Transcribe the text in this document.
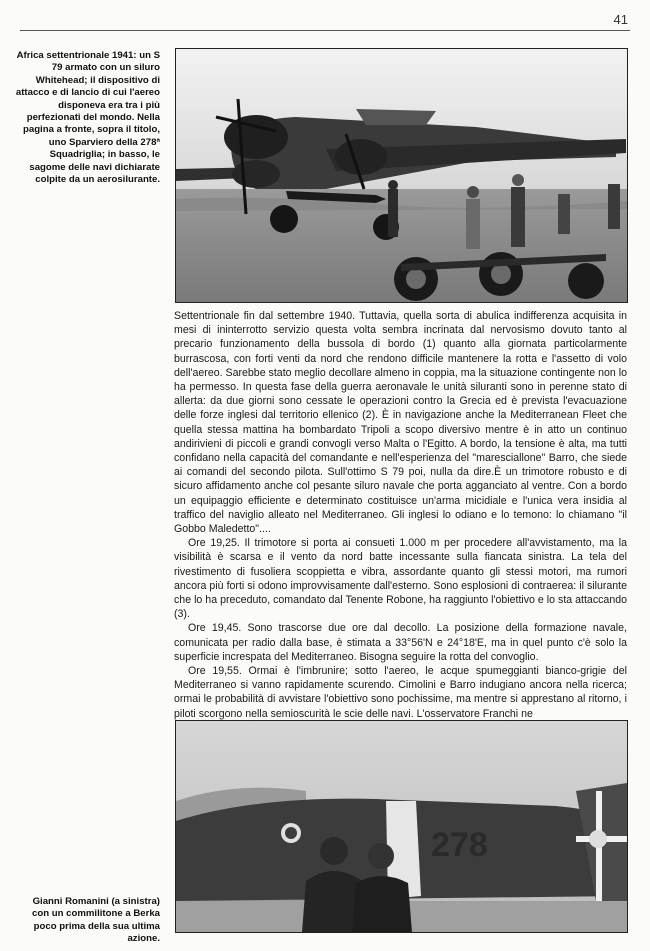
41
Africa settentrionale 1941: un S 79 armato con un siluro Whitehead; il dispositivo di attacco e di lancio di cui l'aereo disponeva era tra i più perfezionati del mondo. Nella pagina a fronte, sopra il titolo, uno Sparviero della 278ª Squadriglia; in basso, le sagome delle navi dichiarate colpite da un aerosilurante.

Settentrionale fin dal settembre 1940. Tuttavia, quella sorta di abulica indifferenza acquisita in mesi di ininterrotto servizio questa volta sembra incrinata dal nervosismo dovuto tanto al precario funzionamento della bussola di bordo (1) quanto alla giornata particolarmente burrascosa, con forti venti da nord che rendono difficile mantenere la rotta e l'assetto di volo dell'aereo. Sarebbe stato meglio decollare almeno in coppia, ma la situazione contingente non lo ha permesso. In questa fase della guerra aeronavale le unità siluranti sono in perenne stato di allerta: da due giorni sono cessate le operazioni contro la Grecia ed è prevista l'evacuazione delle forze inglesi dal territorio ellenico (2). È in navigazione anche la Mediterranean Fleet che quella stessa mattina ha bombardato Tripoli a scopo diversivo mentre è in atto un continuo andirivieni di piccoli e grandi convogli verso Malta o l'Egitto. A bordo, la tensione è alta, ma tutti confidano nella capacità del comandante e nell'esperienza del "maresciallone" Barro, che siede ai comandi del secondo pilota. Sull'ottimo S 79 poi, nulla da dire.È un trimotore robusto e di sicuro affidamento anche col pesante siluro navale che porta agganciato al ventre. Con a bordo un equipaggio efficiente e determinato costituisce un'arma micidiale e l'unica vera insidia al traffico del naviglio alleato nel Mediterraneo. Gli inglesi lo odiano e lo temono: lo chiamano "il Gobbo Maledetto"....

Ore 19,25. Il trimotore si porta ai consueti 1.000 m per procedere all'avvistamento, ma la visibilità è scarsa e il vento da nord batte incessante sulla fiancata sinistra. La tela del rivestimento di fusoliera scoppietta e vibra, assordante quanto gli stessi motori, ma rumori ancora più forti si odono improvvisamente dall'esterno. Sono esplosioni di contraerea: il silurante che lo ha preceduto, comandato dal Tenente Robone, ha raggiunto l'obiettivo e lo sta attaccando (3).

Ore 19,45. Sono trascorse due ore dal decollo. La posizione della formazione navale, comunicata per radio dalla base, è stimata a 33°56'N e 24°18'E, ma in quel punto c'è solo la superficie increspata del Mediterraneo. Bisogna seguire la rotta del convoglio.

Ore 19,55. Ormai è l'imbrunire; sotto l'aereo, le acque spumeggianti bianco-grigie del Mediterraneo si vanno rapidamente scurendo. Cimolini e Barro indugiano ancora nella ricerca; ormai le probabilità di avvistare l'obiettivo sono pochissime, ma mentre si apprestano al ritorno, i piloti scorgono nella semioscurità le scie delle navi. L'osservatore Franchi ne

278
Gianni Romanini (a sinistra) con un commilitone a Berka poco prima della sua ultima azione.
